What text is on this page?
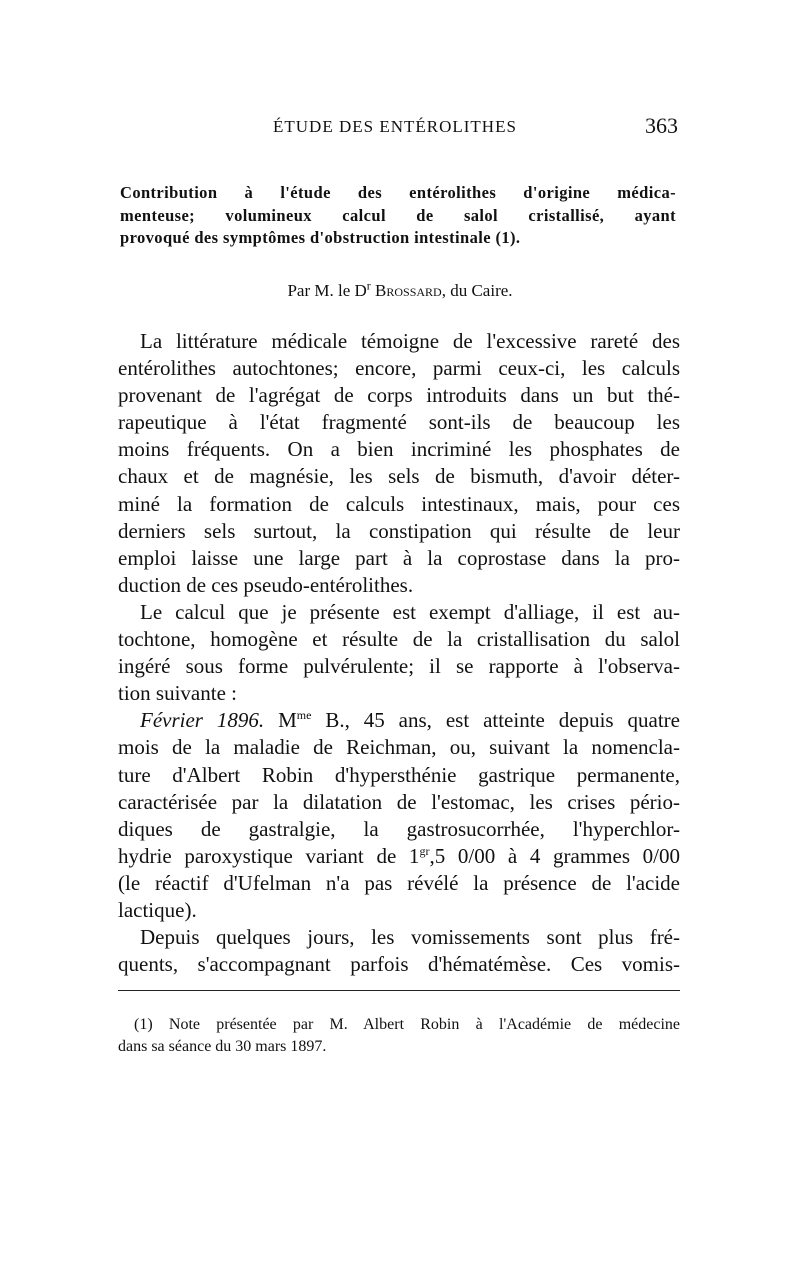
ÉTUDE DES ENTÉROLITHES	363
Contribution à l'étude des entérolithes d'origine médica-
menteuse; volumineux calcul de salol cristallisé, ayant
provoqué des symptômes d'obstruction intestinale (1).
Par M. le $D^r$ Brossard, du Caire.
La littérature médicale témoigne de l'excessive rareté des
entérolithes autochtones; encore, parmi ceux-ci, les calculs
provenant de l'agrégat de corps introduits dans un but thé-
rapeutique à l'état fragmenté sont-ils de beaucoup les
moins fréquents. On a bien incriminé les phosphates de
chaux et de magnésie, les sels de bismuth, d'avoir déter-
miné la formation de calculs intestinaux, mais, pour ces
derniers sels surtout, la constipation qui résulte de leur
emploi laisse une large part à la coprostase dans la pro-
duction de ces pseudo-entérolithes.
Le calcul que je présente est exempt d'alliage, il est au-
tochtone, homogène et résulte de la cristallisation du salol
ingéré sous forme pulvérulente; il se rapporte à l'observa-
tion suivante :
Février 1896. $M^{me}$ B., 45 ans, est atteinte depuis quatre
mois de la maladie de Reichman, ou, suivant la nomencla-
ture d'Albert Robin d'hypersthénie gastrique permanente,
caractérisée par la dilatation de l'estomac, les crises pério-
diques de gastralgie, la gastrosucorrhée, l'hyperchlor-
hydrie paroxystique variant de $1^{gr},5$ 0/00 à 4 grammes 0/00
(le réactif d'Ufelman n'a pas révélé la présence de l'acide
lactique).
Depuis quelques jours, les vomissements sont plus fré-
quents, s'accompagnant parfois d'hématémèse. Ces vomis-
(1) Note présentée par M. Albert Robin à l'Académie de médecine
dans sa séance du 30 mars 1897.
